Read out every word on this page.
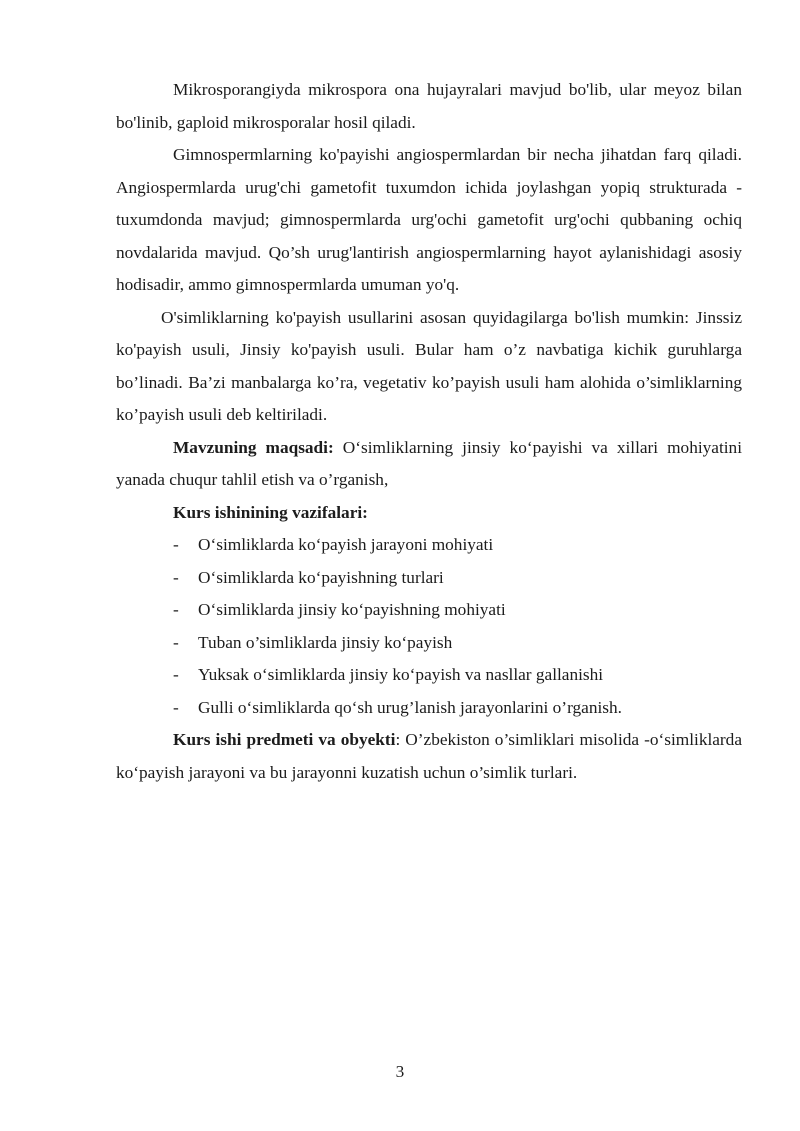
Mikrosporangiyda mikrospora ona hujayralari mavjud bo'lib, ular meyoz bilan bo'linib, gaploid mikrosporalar hosil qiladi.

Gimnospermlarning ko'payishi angiospermlardan bir necha jihatdan farq qiladi. Angiospermlarda urug'chi gametofit tuxumdon ichida joylashgan yopiq strukturada - tuxumdonda mavjud; gimnospermlarda urg'ochi gametofit urg'ochi qubbaning ochiq novdalarida mavjud. Qo’sh urug'lantirish angiospermlarning hayot aylanishidagi asosiy hodisadir, ammo gimnospermlarda umuman yo'q.

O'simliklarning ko'payish usullarini asosan quyidagilarga bo'lish mumkin: Jinssiz ko'payish usuli, Jinsiy ko'payish usuli. Bular ham o’z navbatiga kichik guruhlarga bo’linadi. Ba’zi manbalarga ko’ra, vegetativ ko’payish usuli ham alohida o’simliklarning ko’payish usuli deb keltiriladi.

Mavzuning maqsadi: O‘simliklarning jinsiy ko‘payishi va xillari mohiyatini yanada chuqur tahlil etish va o’rganish,

Kurs ishinining vazifalari:

- O‘simliklarda ko‘payish jarayoni mohiyati
- O‘simliklarda ko‘payishning turlari
- O‘simliklarda jinsiy ko‘payishning mohiyati
- Tuban o’simliklarda jinsiy ko‘payish
- Yuksak o‘simliklarda jinsiy ko‘payish va nasllar gallanishi
- Gulli o‘simliklarda qo‘sh urug’lanish jarayonlarini o’rganish.

Kurs ishi predmeti va obyekti: O’zbekiston o’simliklari misolida -o‘simliklarda ko‘payish jarayoni va bu jarayonni kuzatish uchun o’simlik turlari.

3
